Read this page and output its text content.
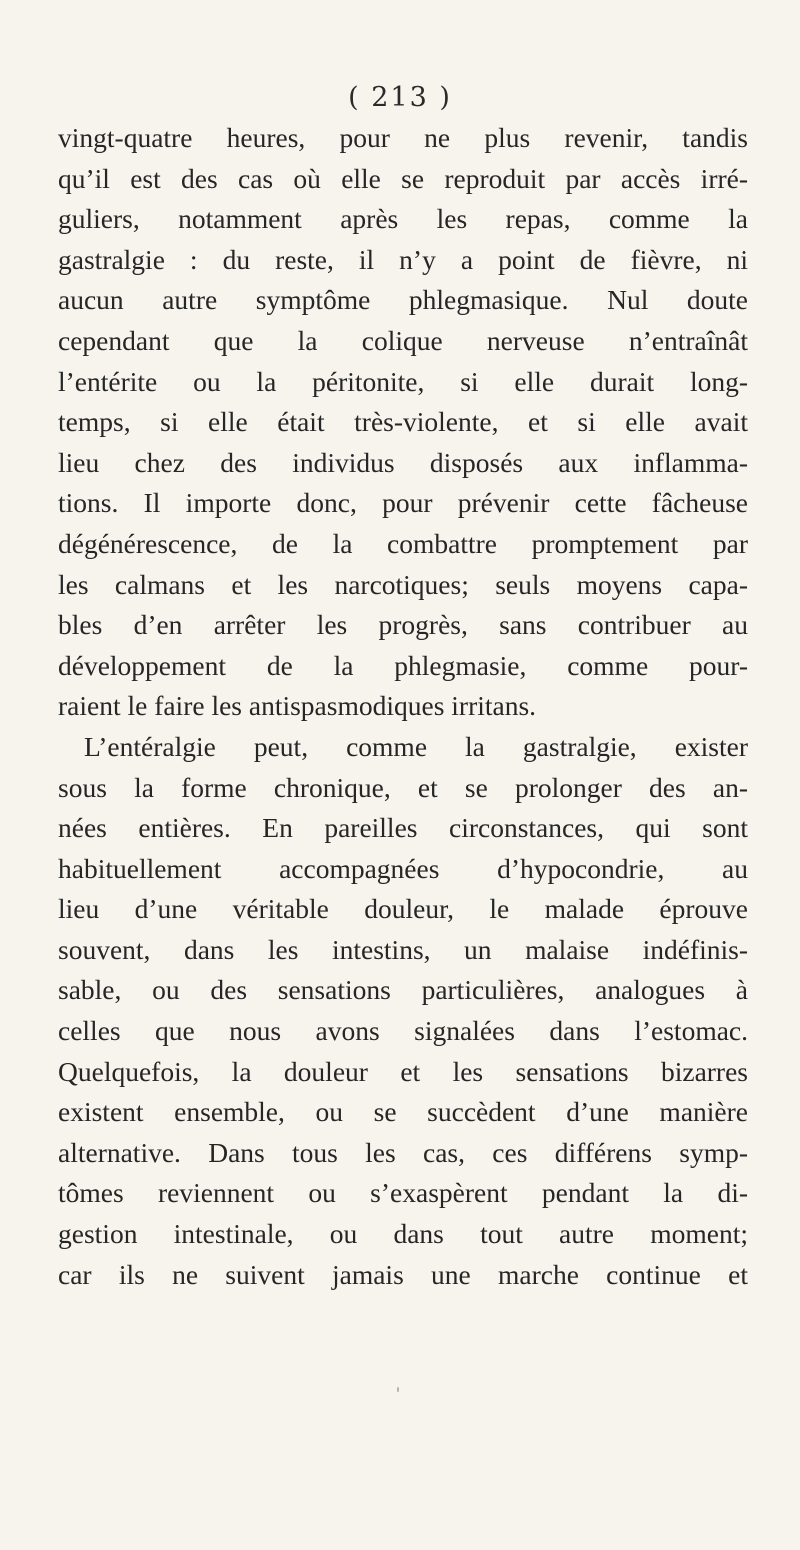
( 213 )
vingt-quatre heures, pour ne plus revenir, tandis
qu’il est des cas où elle se reproduit par accès irré-
guliers, notamment après les repas, comme la
gastralgie : du reste, il n’y a point de fièvre, ni
aucun autre symptôme phlegmasique. Nul doute
cependant que la colique nerveuse n’entraînât
l’entérite ou la péritonite, si elle durait long-
temps, si elle était très-violente, et si elle avait
lieu chez des individus disposés aux inflamma-
tions. Il importe donc, pour prévenir cette fâcheuse
dégénérescence, de la combattre promptement par
les calmans et les narcotiques; seuls moyens capa-
bles d’en arrêter les progrès, sans contribuer au
développement de la phlegmasie, comme pour-
raient le faire les antispasmodiques irritans.
L’entéralgie peut, comme la gastralgie, exister
sous la forme chronique, et se prolonger des an-
nées entières. En pareilles circonstances, qui sont
habituellement accompagnées d’hypocondrie, au
lieu d’une véritable douleur, le malade éprouve
souvent, dans les intestins, un malaise indéfinis-
sable, ou des sensations particulières, analogues à
celles que nous avons signalées dans l’estomac.
Quelquefois, la douleur et les sensations bizarres
existent ensemble, ou se succèdent d’une manière
alternative. Dans tous les cas, ces différens symp-
tômes reviennent ou s’exaspèrent pendant la di-
gestion intestinale, ou dans tout autre moment;
car ils ne suivent jamais une marche continue et
